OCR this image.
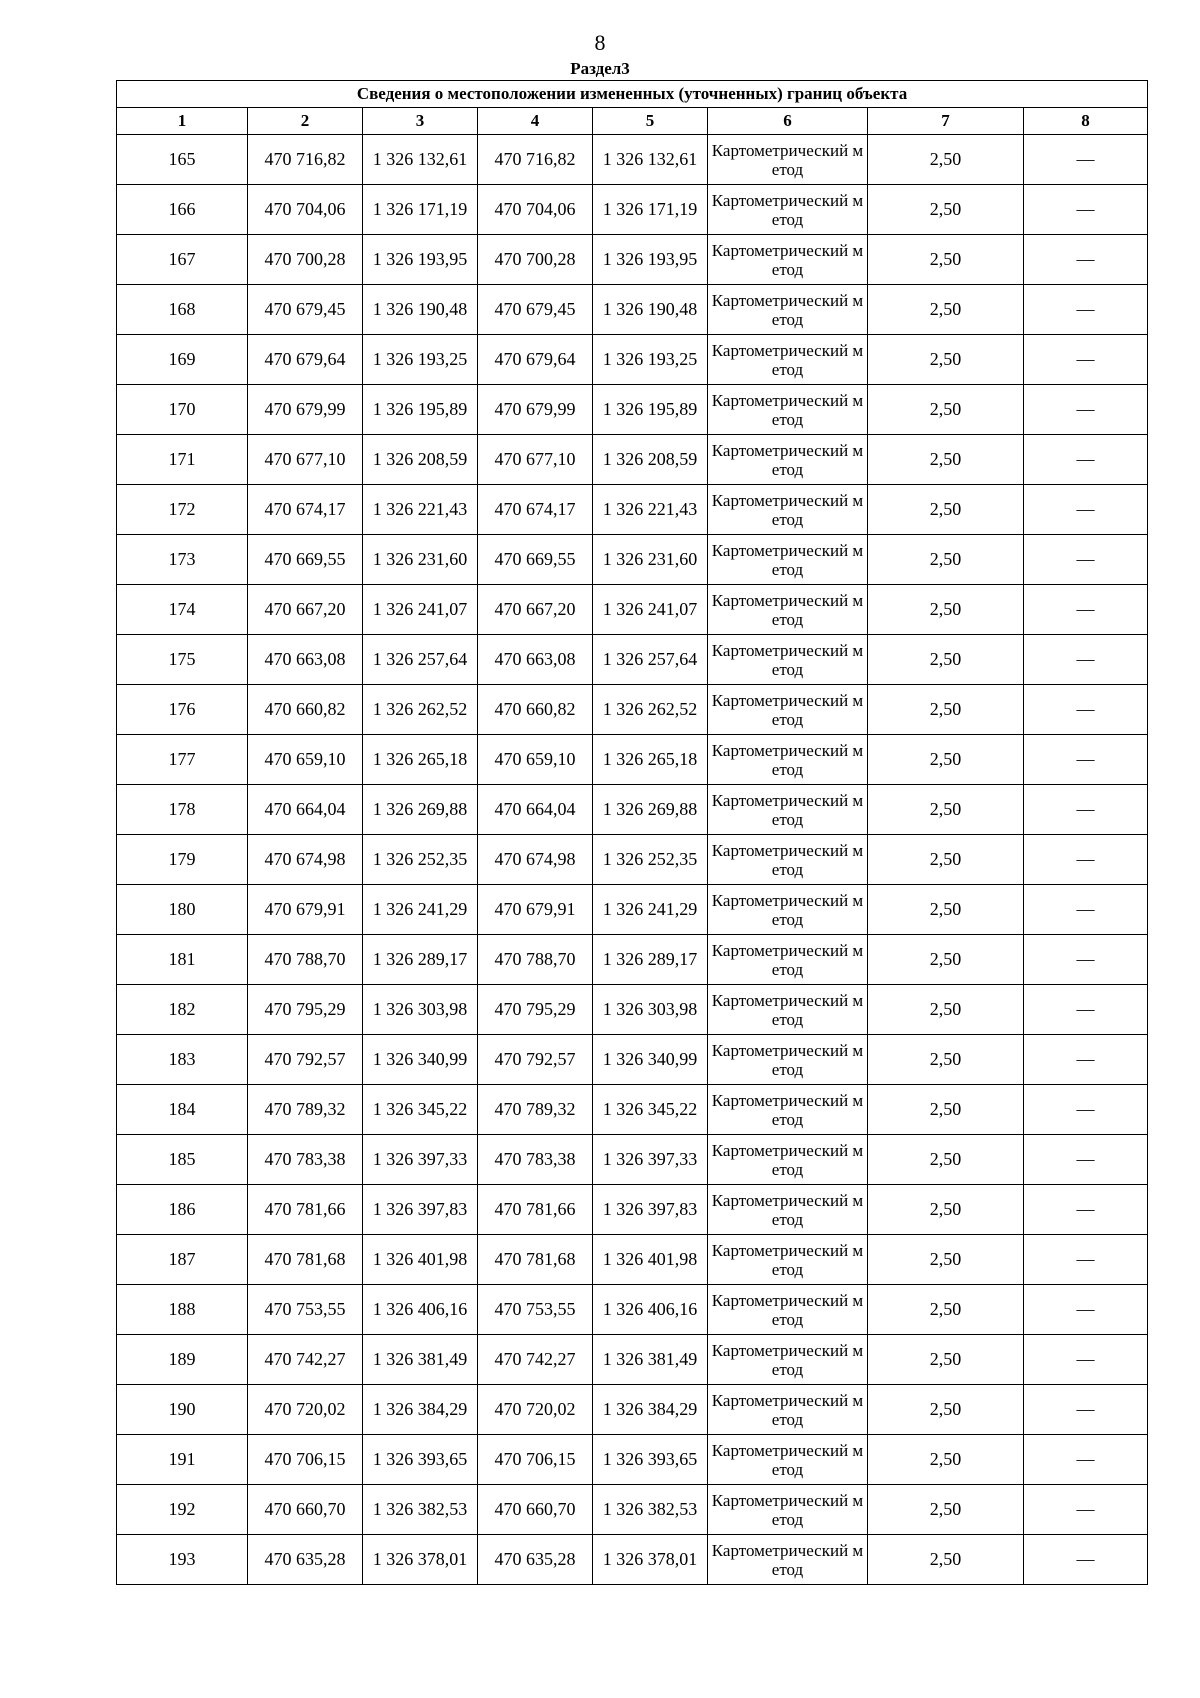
8
Раздел3
Сведения о местоположении измененных (уточненных) границ объекта							
1	2	3	4	5	6	7	8
165	470 716,82	1 326 132,61	470 716,82	1 326 132,61	Картометрический метод	2,50	—
166	470 704,06	1 326 171,19	470 704,06	1 326 171,19	Картометрический метод	2,50	—
167	470 700,28	1 326 193,95	470 700,28	1 326 193,95	Картометрический метод	2,50	—
168	470 679,45	1 326 190,48	470 679,45	1 326 190,48	Картометрический метод	2,50	—
169	470 679,64	1 326 193,25	470 679,64	1 326 193,25	Картометрический метод	2,50	—
170	470 679,99	1 326 195,89	470 679,99	1 326 195,89	Картометрический метод	2,50	—
171	470 677,10	1 326 208,59	470 677,10	1 326 208,59	Картометрический метод	2,50	—
172	470 674,17	1 326 221,43	470 674,17	1 326 221,43	Картометрический метод	2,50	—
173	470 669,55	1 326 231,60	470 669,55	1 326 231,60	Картометрический метод	2,50	—
174	470 667,20	1 326 241,07	470 667,20	1 326 241,07	Картометрический метод	2,50	—
175	470 663,08	1 326 257,64	470 663,08	1 326 257,64	Картометрический метод	2,50	—
176	470 660,82	1 326 262,52	470 660,82	1 326 262,52	Картометрический метод	2,50	—
177	470 659,10	1 326 265,18	470 659,10	1 326 265,18	Картометрический метод	2,50	—
178	470 664,04	1 326 269,88	470 664,04	1 326 269,88	Картометрический метод	2,50	—
179	470 674,98	1 326 252,35	470 674,98	1 326 252,35	Картометрический метод	2,50	—
180	470 679,91	1 326 241,29	470 679,91	1 326 241,29	Картометрический метод	2,50	—
181	470 788,70	1 326 289,17	470 788,70	1 326 289,17	Картометрический метод	2,50	—
182	470 795,29	1 326 303,98	470 795,29	1 326 303,98	Картометрический метод	2,50	—
183	470 792,57	1 326 340,99	470 792,57	1 326 340,99	Картометрический метод	2,50	—
184	470 789,32	1 326 345,22	470 789,32	1 326 345,22	Картометрический метод	2,50	—
185	470 783,38	1 326 397,33	470 783,38	1 326 397,33	Картометрический метод	2,50	—
186	470 781,66	1 326 397,83	470 781,66	1 326 397,83	Картометрический метод	2,50	—
187	470 781,68	1 326 401,98	470 781,68	1 326 401,98	Картометрический метод	2,50	—
188	470 753,55	1 326 406,16	470 753,55	1 326 406,16	Картометрический метод	2,50	—
189	470 742,27	1 326 381,49	470 742,27	1 326 381,49	Картометрический метод	2,50	—
190	470 720,02	1 326 384,29	470 720,02	1 326 384,29	Картометрический метод	2,50	—
191	470 706,15	1 326 393,65	470 706,15	1 326 393,65	Картометрический метод	2,50	—
192	470 660,70	1 326 382,53	470 660,70	1 326 382,53	Картометрический метод	2,50	—
193	470 635,28	1 326 378,01	470 635,28	1 326 378,01	Картометрический метод	2,50	—
